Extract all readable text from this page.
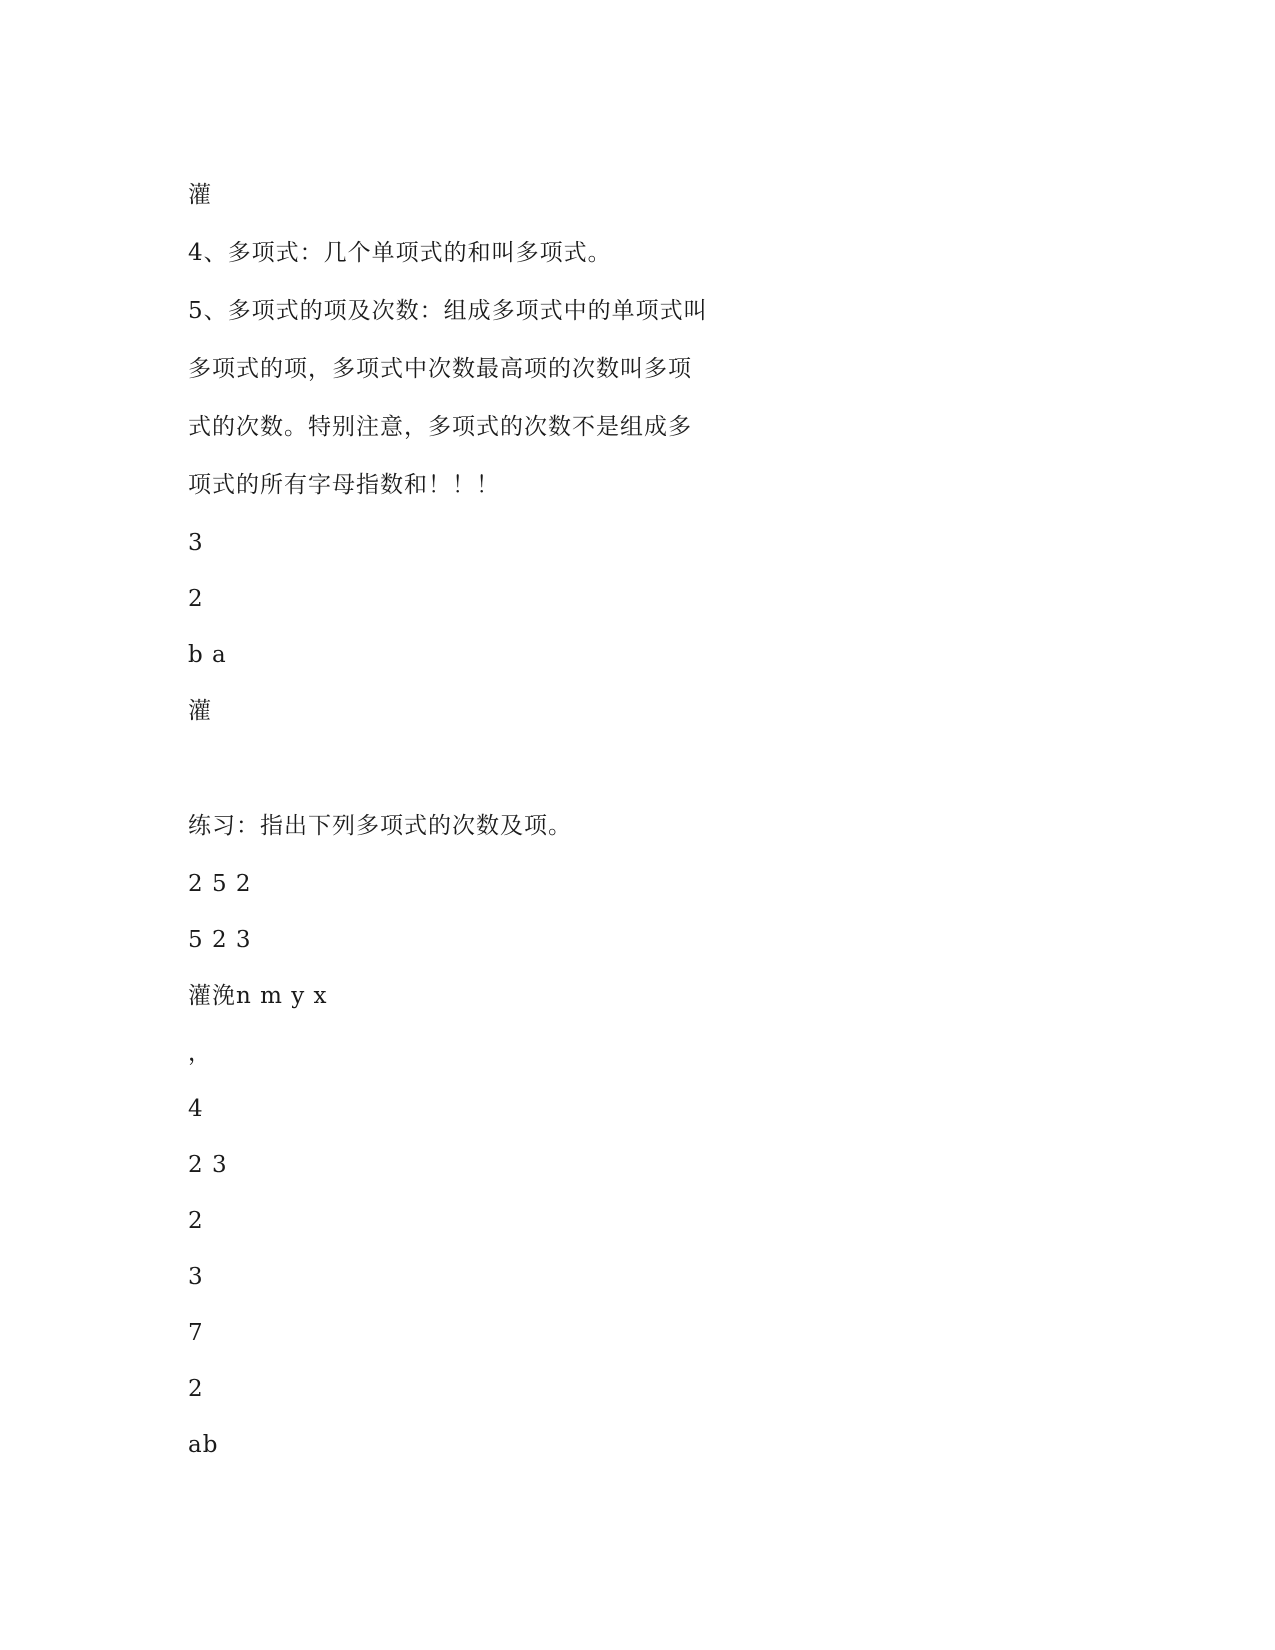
灌
4、多项式：几个单项式的和叫多项式。
5、多项式的项及次数：组成多项式中的单项式叫
多项式的项，多项式中次数最高项的次数叫多项
式的次数。特别注意，多项式的次数不是组成多
项式的所有字母指数和！！！
3
2
b a
灌
练习：指出下列多项式的次数及项。
2 5 2
5 2 3
灌浼n m y x
，
4
2 3
2
3
7
2
ab
